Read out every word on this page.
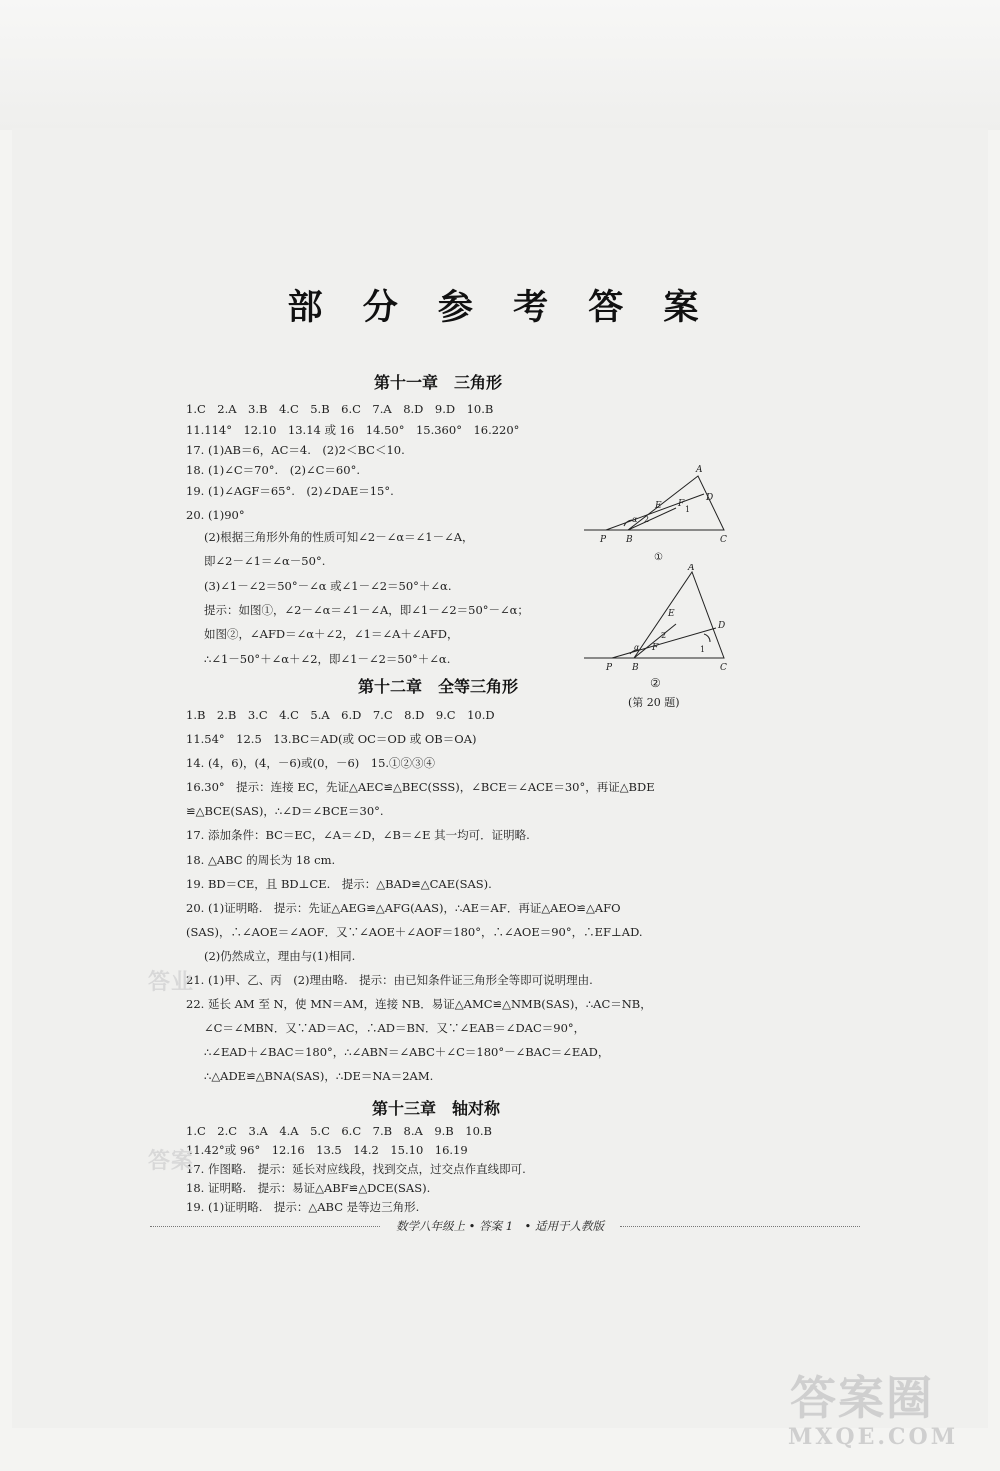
部 分 参 考 答 案
第十一章　三角形
1.C　2.A　3.B　4.C　5.B　6.C　7.A　8.D　9.D　10.B
11.114°　12.10　13.14 或 16　14.50°　15.360°　16.220°
17. (1)AB＝6，AC＝4.　(2)2＜BC＜10.
18. (1)∠C＝70°.　(2)∠C＝60°.
19. (1)∠AGF＝65°.　(2)∠DAE＝15°.
20. (1)90°
(2)根据三角形外角的性质可知∠2－∠α＝∠1－∠A，
即∠2－∠1＝∠α－50°.
(3)∠1－∠2＝50°－∠α 或∠1－∠2＝50°＋∠α.
提示：如图①，∠2－∠α＝∠1－∠A，即∠1－∠2＝50°－∠α；
如图②，∠AFD＝∠α＋∠2，∠1＝∠A＋∠AFD，
∴∠1－50°＋∠α＋∠2，即∠1－∠2＝50°＋∠α.
第十二章　全等三角形
1.B　2.B　3.C　4.C　5.A　6.D　7.C　8.D　9.C　10.D
11.54°　12.5　13.BC＝AD(或 OC＝OD 或 OB＝OA)
14. (4，6)，(4，－6)或(0，－6)　15.①②③④
16.30°　提示：连接 EC，先证△AEC≌△BEC(SSS)，∠BCE＝∠ACE＝30°，再证△BDE
≌△BCE(SAS)，∴∠D＝∠BCE＝30°.
17. 添加条件：BC＝EC，∠A＝∠D，∠B＝∠E 其一均可．证明略.
18. △ABC 的周长为 18 cm.
19. BD＝CE，且 BD⊥CE.　提示：△BAD≌△CAE(SAS).
20. (1)证明略.　提示：先证△AEG≌△AFG(AAS)，∴AE＝AF．再证△AEO≌△AFO
(SAS)，∴∠AOE＝∠AOF．又∵∠AOE＋∠AOF＝180°，∴∠AOE＝90°，∴EF⊥AD.
(2)仍然成立，理由与(1)相同.
21. (1)甲、乙、丙　(2)理由略.　提示：由已知条件证三角形全等即可说明理由.
22. 延长 AM 至 N，使 MN＝AM，连接 NB．易证△AMC≌△NMB(SAS)，∴AC＝NB，
∠C＝∠MBN．又∵AD＝AC，∴AD＝BN．又∵∠EAB＝∠DAC＝90°，
∴∠EAD＋∠BAC＝180°，∴∠ABN＝∠ABC＋∠C＝180°－∠BAC＝∠EAD，
∴△ADE≌△BNA(SAS)，∴DE＝NA＝2AM.
第十三章　轴对称
1.C　2.C　3.A　4.A　5.C　6.C　7.B　8.A　9.B　10.B
11.42°或 96°　12.16　13.5　14.2　15.10　16.19
17. 作图略.　提示：延长对应线段，找到交点，过交点作直线即可.
18. 证明略.　提示：易证△ABF≌△DCE(SAS).
19. (1)证明略.　提示：△ABC 是等边三角形.
数学八年级上 • 答案 1　• 适用于人教版
A
D
F
1
E
2
α
P B	C
①
A
E
D
2
F	1
α
P B	C
②
(第 20 题)
答业
答案
答案圈
MXQE.COM
